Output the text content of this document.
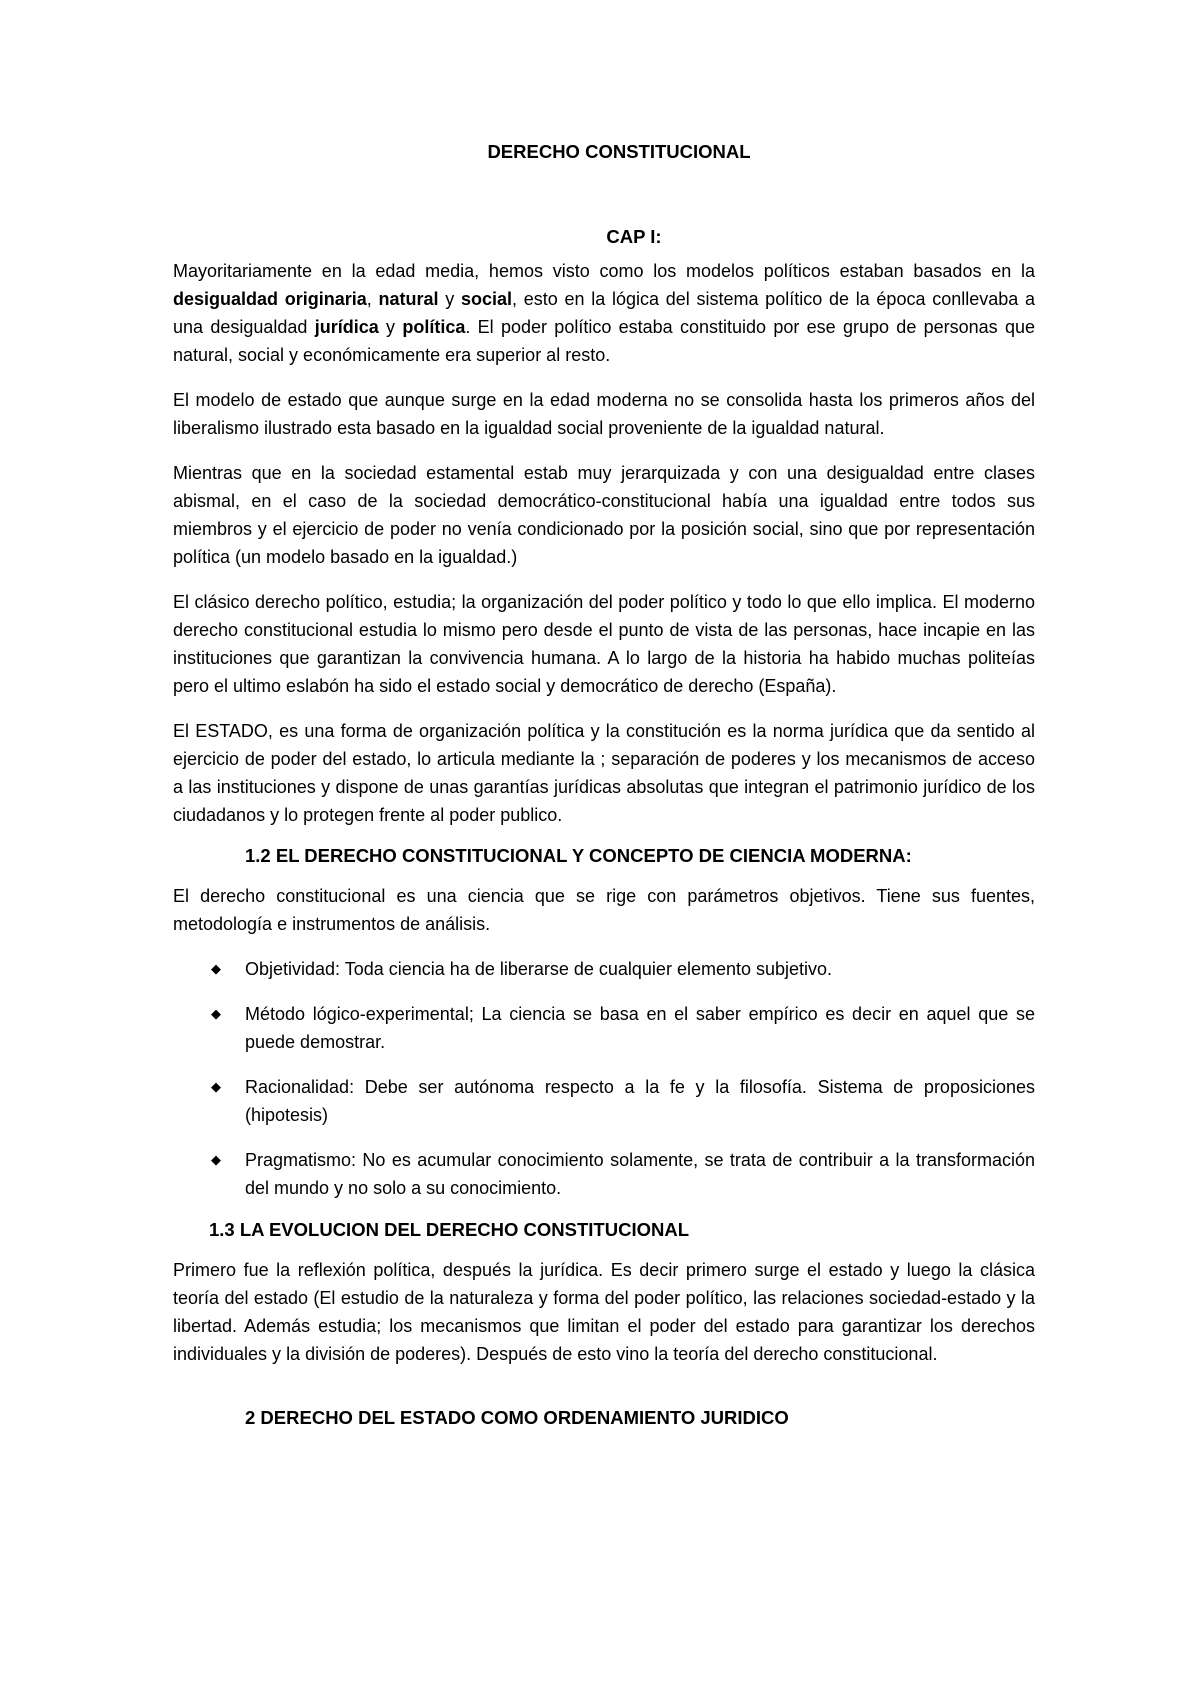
DERECHO CONSTITUCIONAL
CAP I:

Mayoritariamente en la edad media, hemos visto como los modelos políticos estaban basados en la desigualdad originaria, natural y social, esto en la lógica del sistema político de la época conllevaba a una desigualdad jurídica y política. El poder político estaba constituido por ese grupo de personas que natural, social y económicamente era superior al resto.

El modelo de estado que aunque surge en la edad moderna no se consolida hasta los primeros años del liberalismo ilustrado esta basado en la igualdad social proveniente de la igualdad natural.

Mientras que en la sociedad estamental estab muy jerarquizada y con una desigualdad entre clases abismal, en el caso de la sociedad democrático-constitucional había una igualdad entre todos sus miembros y el ejercicio de poder no venía condicionado por la posición social, sino que por representación política (un modelo basado en la igualdad.)

El clásico derecho político, estudia; la organización del poder político y todo lo que ello implica. El moderno derecho constitucional estudia lo mismo pero desde el punto de vista de las personas, hace incapie en las instituciones que garantizan la convivencia humana. A lo largo de la historia ha habido muchas politeías pero el ultimo eslabón ha sido el estado social y democrático de derecho (España).

El ESTADO, es una forma de organización política y la constitución es la norma jurídica que da sentido al ejercicio de poder del estado, lo articula mediante la ; separación de poderes y los mecanismos de acceso a las instituciones y dispone de unas garantías jurídicas absolutas que integran el patrimonio jurídico de los ciudadanos y lo protegen frente al poder publico.

1.2 EL DERECHO CONSTITUCIONAL Y CONCEPTO DE CIENCIA MODERNA:

El derecho constitucional es una ciencia que se rige con parámetros objetivos. Tiene sus fuentes, metodología e instrumentos de análisis.

◆ Objetividad: Toda ciencia ha de liberarse de cualquier elemento subjetivo.
◆ Método lógico-experimental; La ciencia se basa en el saber empírico es decir en aquel que se puede demostrar.
◆ Racionalidad: Debe ser autónoma respecto a la fe y la filosofía. Sistema de proposiciones (hipotesis)
◆ Pragmatismo: No es acumular conocimiento solamente, se trata de contribuir a la transformación del mundo y no solo a su conocimiento.
1.3 LA EVOLUCION DEL DERECHO CONSTITUCIONAL

Primero fue la reflexión política, después la jurídica. Es decir primero surge el estado y luego la clásica teoría del estado (El estudio de la naturaleza y forma del poder político, las relaciones sociedad-estado y la libertad. Además estudia; los mecanismos que limitan el poder del estado para garantizar los derechos individuales y la división de poderes). Después de esto vino la teoría del derecho constitucional.

2 DERECHO DEL ESTADO COMO ORDENAMIENTO JURIDICO
